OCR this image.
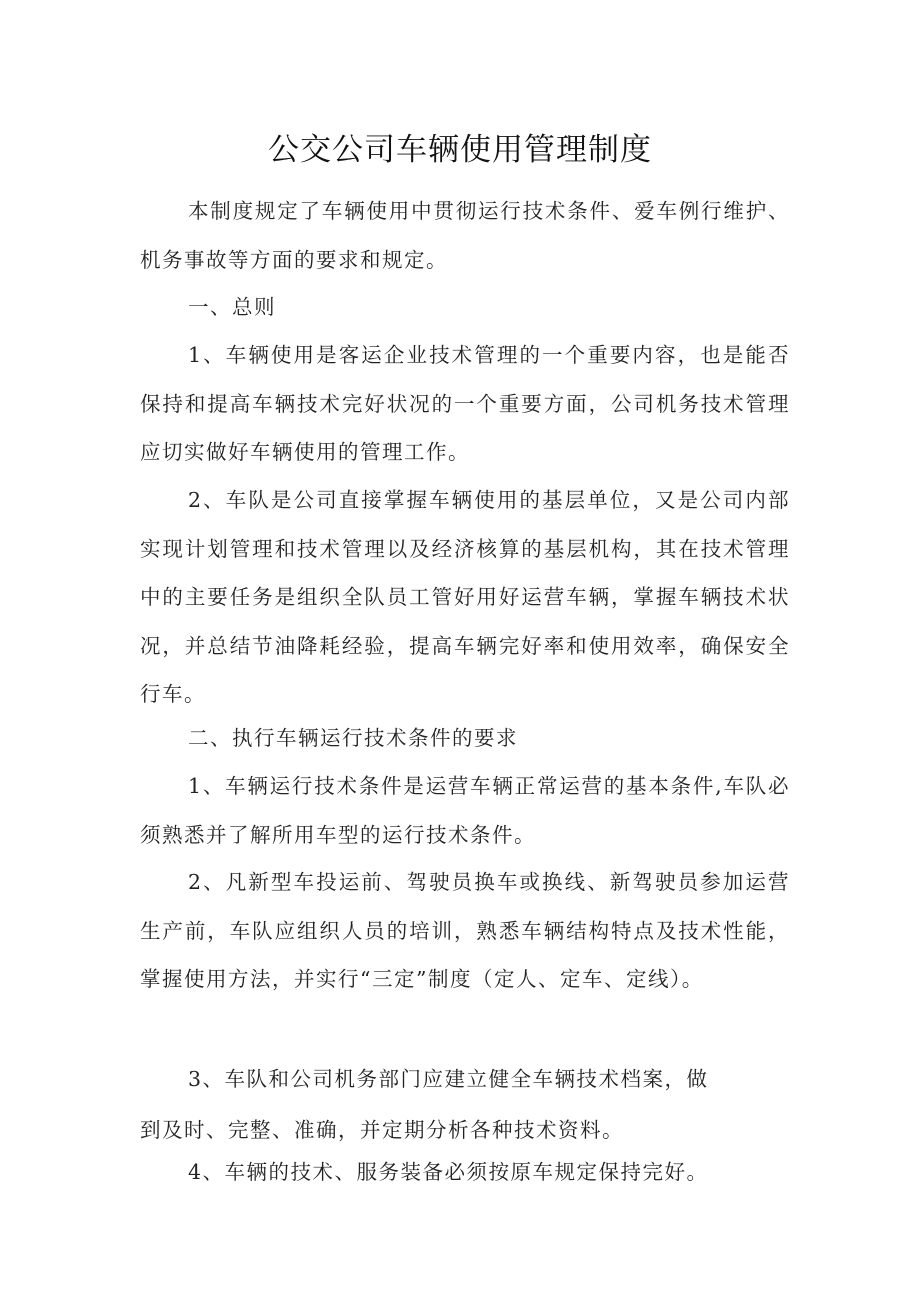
公交公司车辆使用管理制度

本制度规定了车辆使用中贯彻运行技术条件、爱车例行维护、机务事故等方面的要求和规定。

一、总则

1、车辆使用是客运企业技术管理的一个重要内容，也是能否保持和提高车辆技术完好状况的一个重要方面，公司机务技术管理应切实做好车辆使用的管理工作。

2、车队是公司直接掌握车辆使用的基层单位，又是公司内部实现计划管理和技术管理以及经济核算的基层机构，其在技术管理中的主要任务是组织全队员工管好用好运营车辆，掌握车辆技术状况，并总结节油降耗经验，提高车辆完好率和使用效率，确保安全行车。

二、执行车辆运行技术条件的要求

1、车辆运行技术条件是运营车辆正常运营的基本条件,车队必须熟悉并了解所用车型的运行技术条件。

2、凡新型车投运前、驾驶员换车或换线、新驾驶员参加运营生产前，车队应组织人员的培训，熟悉车辆结构特点及技术性能，掌握使用方法，并实行“三定”制度（定人、定车、定线）。

3、车队和公司机务部门应建立健全车辆技术档案，做

到及时、完整、准确，并定期分析各种技术资料。

4、车辆的技术、服务装备必须按原车规定保持完好。
